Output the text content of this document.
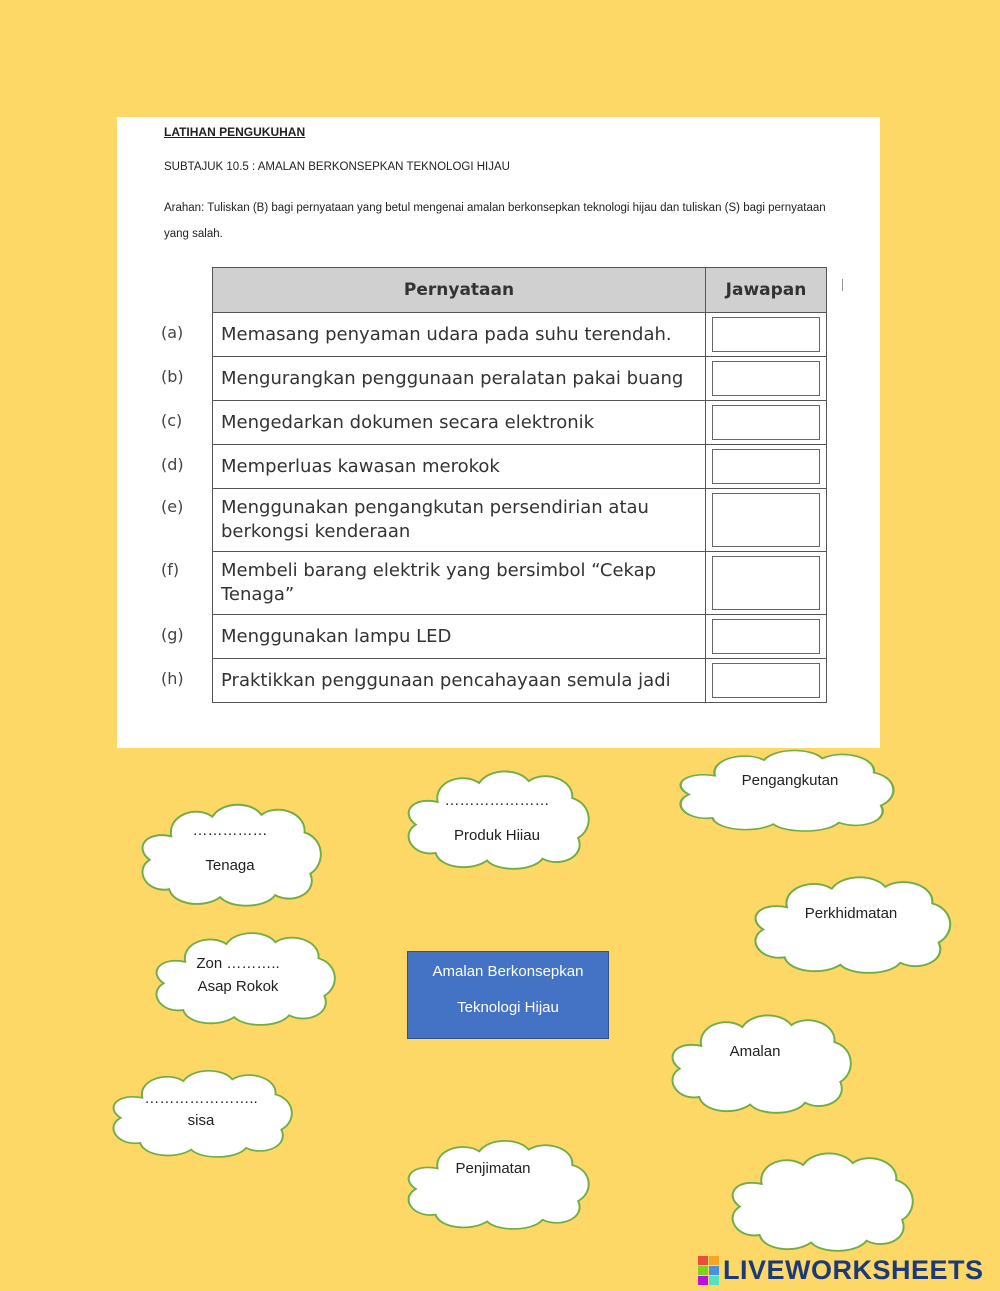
LATIHAN PENGUKUHAN
SUBTAJUK 10.5 : AMALAN BERKONSEPKAN TEKNOLOGI HIJAU
Arahan: Tuliskan (B) bagi pernyataan yang betul mengenai amalan berkonsepkan teknologi hijau dan tuliskan (S) bagi pernyataan yang salah.
Pernyataan	Jawapan

(a) Memasang penyaman udara pada suhu terendah.	

(b) Mengurangkan penggunaan peralatan pakai buang	

(c) Mengedarkan dokumen secara elektronik	

(d) Memperluas kawasan merokok	

(e) Menggunakan pengangkutan persendirian atau berkongsi kenderaan	

(f) Membeli barang elektrik yang bersimbol “Cekap Tenaga”	

(g) Menggunakan lampu LED	

(h) Praktikkan penggunaan pencahayaan semula jadi	
……………
Tenaga
…………………
Produk Hiiau
Pengangkutan
Perkhidmatan
Zon ………..
Asap Rokok
Amalan Berkonsepkan
Teknologi Hijau
Amalan
…………………..
sisa
Penjimatan
LIVEWORKSHEETS
